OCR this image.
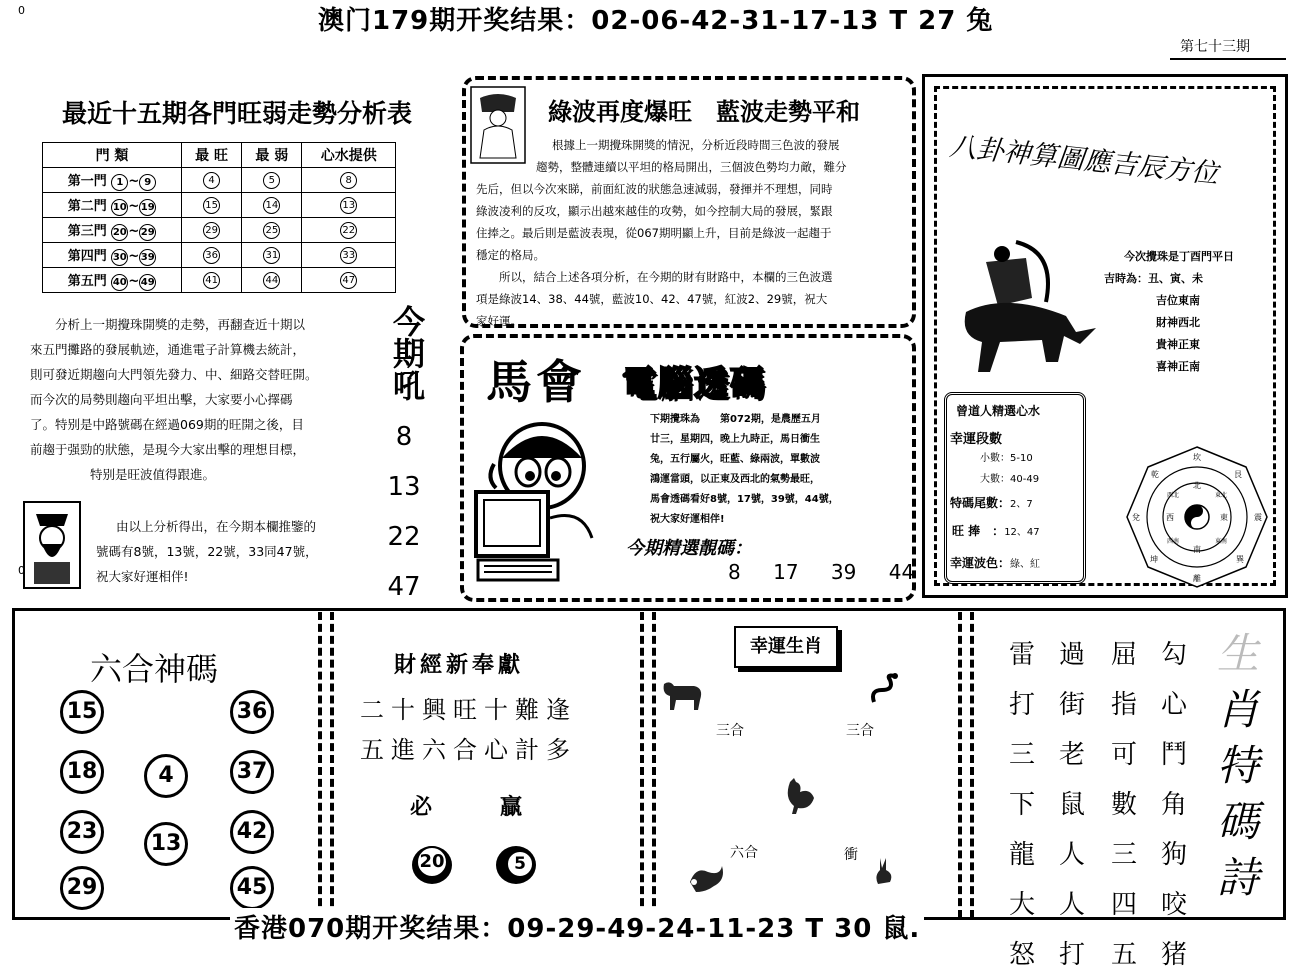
0	澳门179期开奖结果：02-06-42-31-17-13 T 27 兔
第七十三期
最近十五期各門旺弱走勢分析表
門 類	最 旺	最 弱	心水提供
第一門 1 ~ 9	4	5	8
第二門 10 ~ 19	15	14	13
第三門 20 ~ 29	29	25	22
第四門 30 ~ 39	36	31	33
第五門 40 ~ 49	41	44	47
分析上一期攪珠開獎的走勢，再翻查近十期以
來五門攤路的發展軌迹，通進電子計算機去統計，
則可發近期趨向大門領先發力、中、細路交替旺開。
而今次的局勢則趨向平坦出擊，大家要小心擇碼
了。特别是中路號碼在經過069期的旺開之後，目
前趨于强勁的狀態，是現今大家出擊的理想目標，
特别是旺波值得跟進。
0
由以上分析得出，在今期本欄推鑒的
號碼有8號，13號，22號，33同47號，
祝大家好運相伴!
今
期
吼
8
13
22
47
綠波再度爆旺　藍波走勢平和
根據上一期攪珠開獎的情況，分析近段時間三色波的發展
趨勢，整體連續以平坦的格局開出，三個波色勢均力敵，難分
先后，但以今次來睇，前面紅波的狀態急速減弱，發揮并不理想，同時
綠波凌利的反攻，顯示出越來越佳的攻勢，如今控制大局的發展，緊跟
住捧之。最后則是藍波表現，從067期明顯上升，目前是綠波一起趨于
穩定的格局。
所以，結合上述各項分析，在今期的財有財路中，本欄的三色波選
項是綠波14、38、44號，藍波10、42、47號，紅波2、29號，祝大
家好運。
馬會 電腦透碼
下期攪珠為　　第072期，是農歷五月
廿三，星期四，晚上九時正，馬日衝生
兔，五行屬火，旺藍、綠兩波，單數波
鴻運當頭，以正東及西北的氣勢最旺，
馬會透碼看好8號，17號，39號，44號，
祝大家好運相伴!
今期精選靚碼：
8 17 39 44
八卦神算圖應吉辰方位
今次攪珠是丁酉門平日
吉時為：丑、寅、未
吉位東南
財神西北
貴神正東
喜神正南
曾道人精選心水
幸運段數
小數：5-10
大數：40-49
特碼尾數：2、7
旺 捧　：12、47
幸運波色：綠、紅
坎
艮
震
巽
離
坤
兌
乾
北
東
南
西
東北
東南
西南
西北
六合神碼
15
18
23
29
4
13
36
37
42
45
財經新奉獻
二十興旺十難逢
五進六合心計多
必	贏
20	5
幸運生肖
三合	三合
六合	衝
雷打三下龍大怒
過街老鼠人人打
屈指可數三四五
勾心鬥角狗咬猪
生
肖
特
碼
詩
香港070期开奖结果：09-29-49-24-11-23 T 30 鼠.
